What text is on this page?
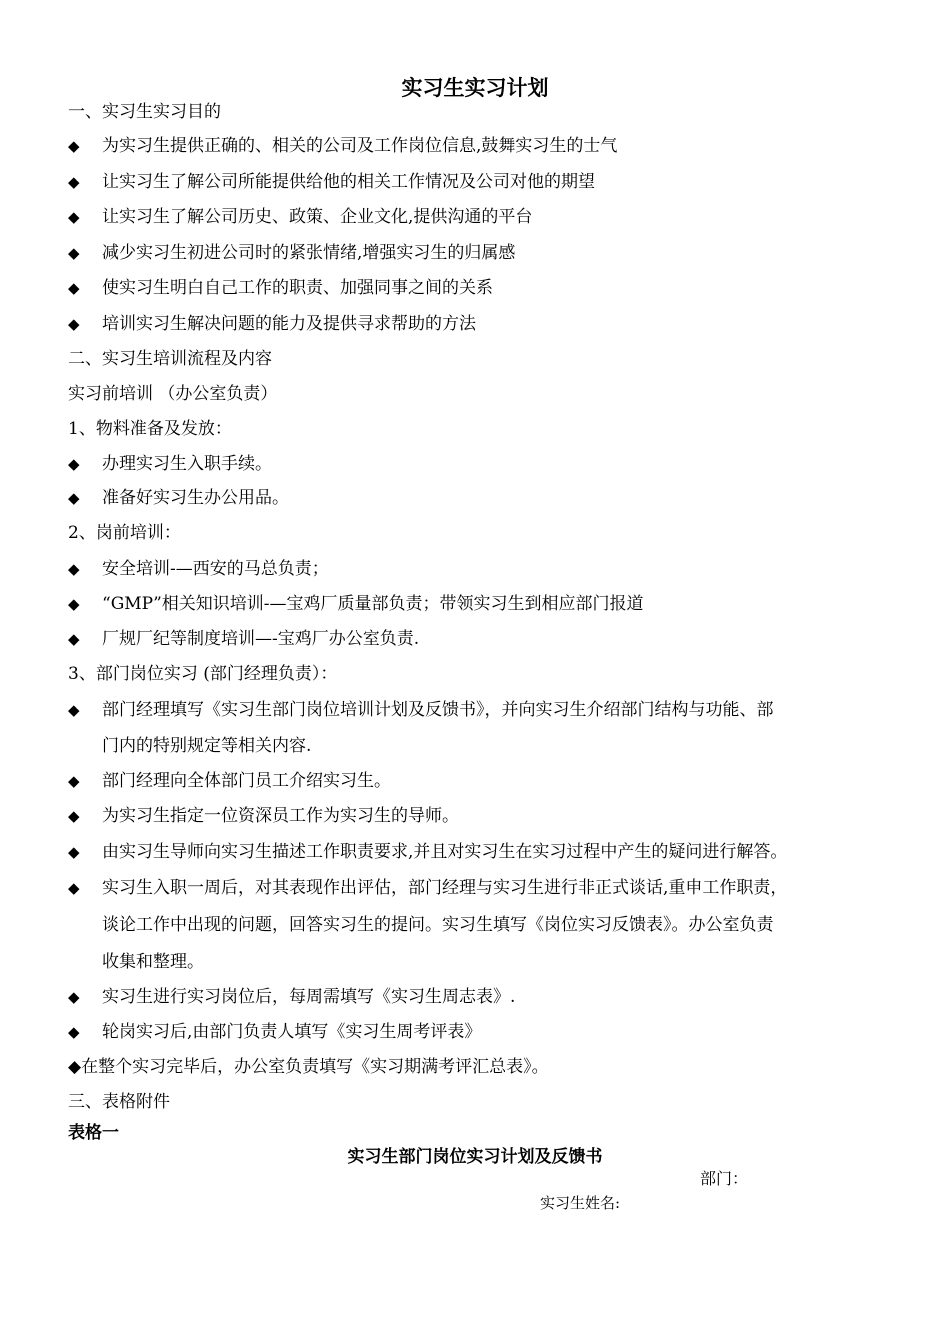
实习生实习计划
一、实习生实习目的
◆	为实习生提供正确的、相关的公司及工作岗位信息,鼓舞实习生的士气
◆	让实习生了解公司所能提供给他的相关工作情况及公司对他的期望
◆	让实习生了解公司历史、政策、企业文化,提供沟通的平台
◆	减少实习生初进公司时的紧张情绪,增强实习生的归属感
◆	使实习生明白自己工作的职责、加强同事之间的关系
◆	培训实习生解决问题的能力及提供寻求帮助的方法
二、实习生培训流程及内容
实习前培训 （办公室负责）
1、物料准备及发放：
◆	办理实习生入职手续。
◆	准备好实习生办公用品。
2、岗前培训：
◆	安全培训-—西安的马总负责；
◆	“GMP”相关知识培训-—宝鸡厂质量部负责；带领实习生到相应部门报道
◆	厂规厂纪等制度培训—-宝鸡厂办公室负责.
3、部门岗位实习 (部门经理负责）：
◆	部门经理填写《实习生部门岗位培训计划及反馈书》，并向实习生介绍部门结构与功能、部
门内的特别规定等相关内容.
◆	部门经理向全体部门员工介绍实习生。
◆	为实习生指定一位资深员工作为实习生的导师。
◆	由实习生导师向实习生描述工作职责要求,并且对实习生在实习过程中产生的疑问进行解答。
◆	实习生入职一周后，对其表现作出评估，部门经理与实习生进行非正式谈话,重申工作职责，
谈论工作中出现的问题，回答实习生的提问。实习生填写《岗位实习反馈表》。办公室负责
收集和整理。
◆	实习生进行实习岗位后，每周需填写《实习生周志表》.
◆	轮岗实习后,由部门负责人填写《实习生周考评表》
◆在整个实习完毕后，办公室负责填写《实习期满考评汇总表》。
三、表格附件
表格一
实习生部门岗位实习计划及反馈书
部门：
实习生姓名:
